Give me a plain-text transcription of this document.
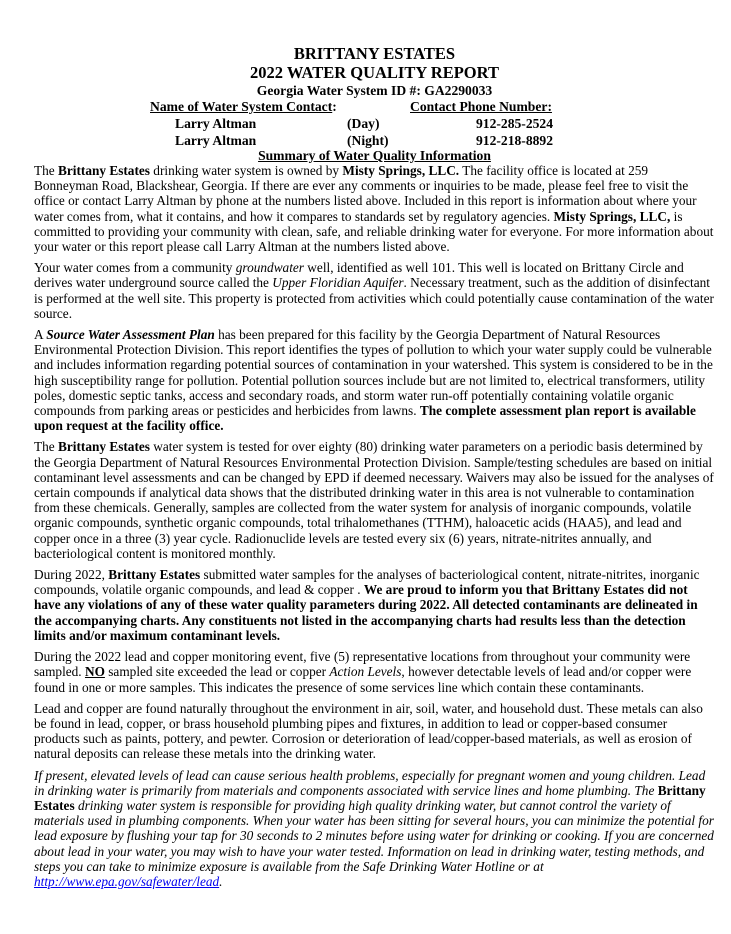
BRITTANY ESTATES
2022 WATER QUALITY REPORT
Georgia Water System ID #: GA2290033
Name of Water System Contact:	Contact Phone Number:
Larry Altman	(Day)	912-285-2524
Larry Altman	(Night)	912-218-8892
Summary of Water Quality Information

The Brittany Estates drinking water system is owned by Misty Springs, LLC. The facility office is located at 259 Bonneyman Road, Blackshear, Georgia. If there are ever any comments or inquiries to be made, please feel free to visit the office or contact Larry Altman by phone at the numbers listed above. Included in this report is information about where your water comes from, what it contains, and how it compares to standards set by regulatory agencies. Misty Springs, LLC, is committed to providing your community with clean, safe, and reliable drinking water for everyone. For more information about your water or this report please call Larry Altman at the numbers listed above.

Your water comes from a community groundwater well, identified as well 101. This well is located on Brittany Circle and derives water underground source called the Upper Floridian Aquifer. Necessary treatment, such as the addition of disinfectant is performed at the well site. This property is protected from activities which could potentially cause contamination of the water source.

A Source Water Assessment Plan has been prepared for this facility by the Georgia Department of Natural Resources Environmental Protection Division. This report identifies the types of pollution to which your water supply could be vulnerable and includes information regarding potential sources of contamination in your watershed. This system is considered to be in the high susceptibility range for pollution. Potential pollution sources include but are not limited to, electrical transformers, utility poles, domestic septic tanks, access and secondary roads, and storm water run-off potentially containing volatile organic compounds from parking areas or pesticides and herbicides from lawns. The complete assessment plan report is available upon request at the facility office.

The Brittany Estates water system is tested for over eighty (80) drinking water parameters on a periodic basis determined by the Georgia Department of Natural Resources Environmental Protection Division. Sample/testing schedules are based on initial contaminant level assessments and can be changed by EPD if deemed necessary. Waivers may also be issued for the analyses of certain compounds if analytical data shows that the distributed drinking water in this area is not vulnerable to contamination from these chemicals. Generally, samples are collected from the water system for analysis of inorganic compounds, volatile organic compounds, synthetic organic compounds, total trihalomethanes (TTHM), haloacetic acids (HAA5), and lead and copper once in a three (3) year cycle. Radionuclide levels are tested every six (6) years, nitrate-nitrites annually, and bacteriological content is monitored monthly.

During 2022, Brittany Estates submitted water samples for the analyses of bacteriological content, nitrate-nitrites, inorganic compounds, volatile organic compounds, and lead & copper . We are proud to inform you that Brittany Estates did not have any violations of any of these water quality parameters during 2022. All detected contaminants are delineated in the accompanying charts. Any constituents not listed in the accompanying charts had results less than the detection limits and/or maximum contaminant levels.

During the 2022 lead and copper monitoring event, five (5) representative locations from throughout your community were sampled. NO sampled site exceeded the lead or copper Action Levels, however detectable levels of lead and/or copper were found in one or more samples. This indicates the presence of some services line which contain these contaminants.

Lead and copper are found naturally throughout the environment in air, soil, water, and household dust. These metals can also be found in lead, copper, or brass household plumbing pipes and fixtures, in addition to lead or copper-based consumer products such as paints, pottery, and pewter. Corrosion or deterioration of lead/copper-based materials, as well as erosion of natural deposits can release these metals into the drinking water.

If present, elevated levels of lead can cause serious health problems, especially for pregnant women and young children. Lead in drinking water is primarily from materials and components associated with service lines and home plumbing. The Brittany Estates drinking water system is responsible for providing high quality drinking water, but cannot control the variety of materials used in plumbing components. When your water has been sitting for several hours, you can minimize the potential for lead exposure by flushing your tap for 30 seconds to 2 minutes before using water for drinking or cooking. If you are concerned about lead in your water, you may wish to have your water tested. Information on lead in drinking water, testing methods, and steps you can take to minimize exposure is available from the Safe Drinking Water Hotline or at http://www.epa.gov/safewater/lead.
